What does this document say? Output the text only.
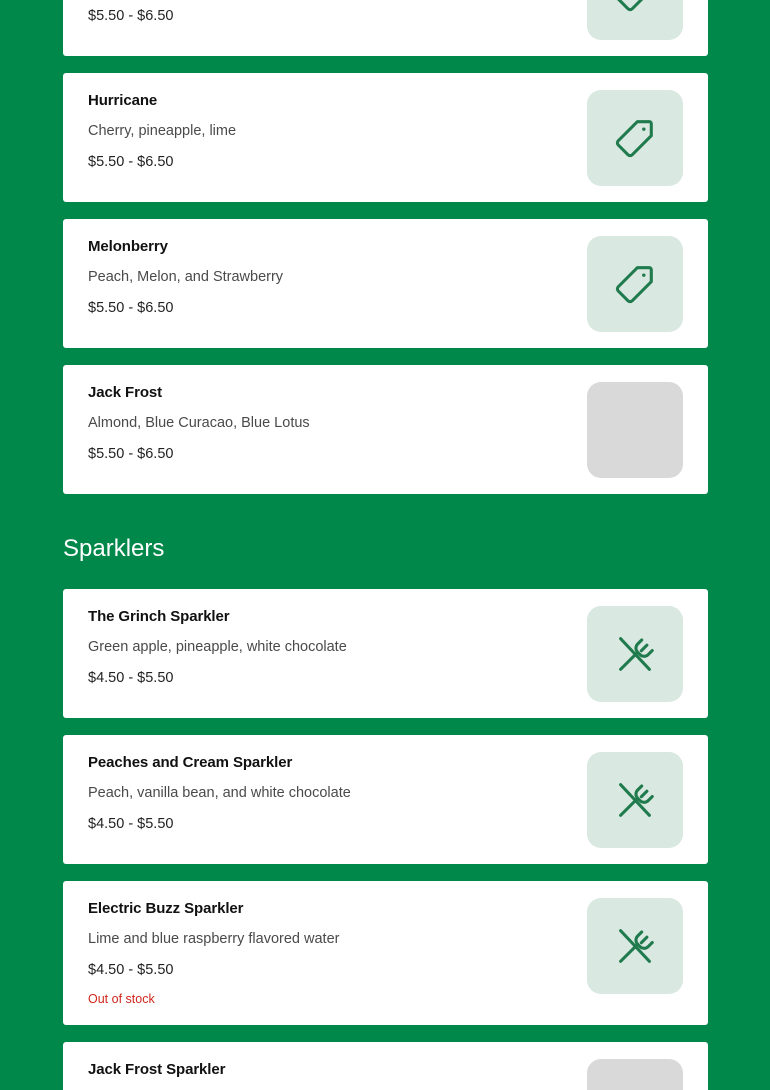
$5.50 - $6.50
Hurricane
Cherry, pineapple, lime
$5.50 - $6.50
Melonberry
Peach, Melon, and Strawberry
$5.50 - $6.50
Jack Frost
Almond, Blue Curacao, Blue Lotus
$5.50 - $6.50
Sparklers
The Grinch Sparkler
Green apple, pineapple, white chocolate
$4.50 - $5.50
Peaches and Cream Sparkler
Peach, vanilla bean, and white chocolate
$4.50 - $5.50
Electric Buzz Sparkler
Lime and blue raspberry flavored water
$4.50 - $5.50
Out of stock
Jack Frost Sparkler
